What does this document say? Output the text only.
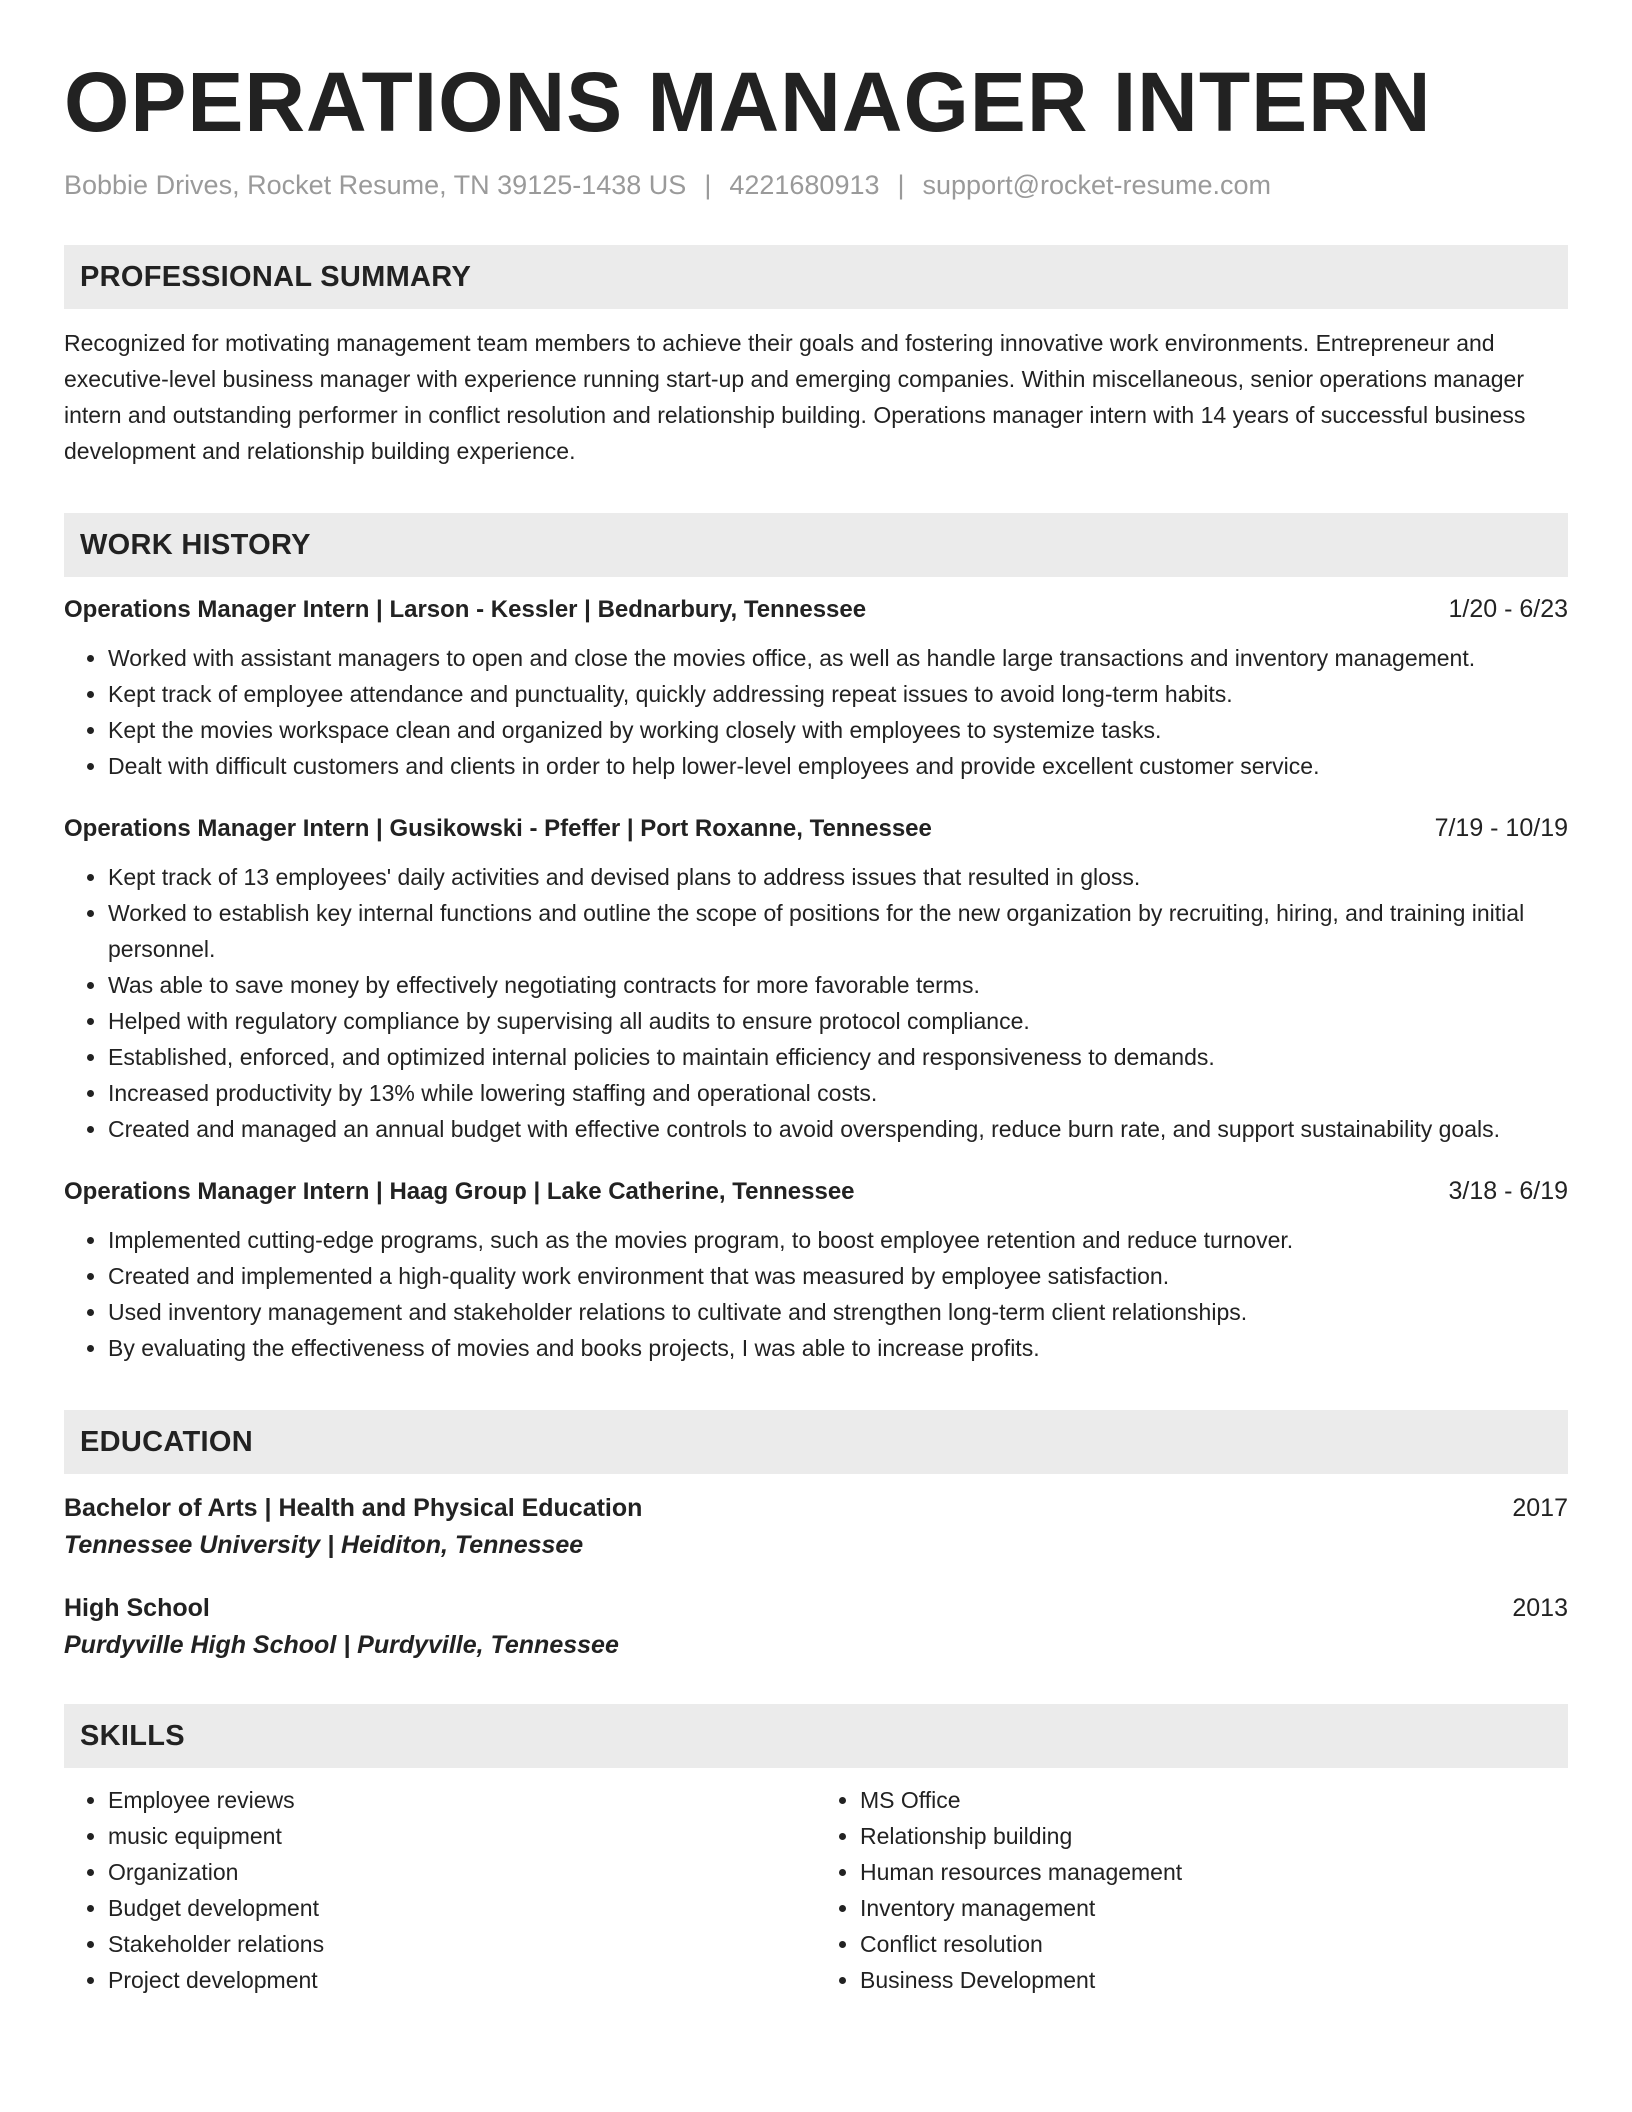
OPERATIONS MANAGER INTERN
Bobbie Drives, Rocket Resume, TN 39125-1438 US | 4221680913 | support@rocket-resume.com
PROFESSIONAL SUMMARY
Recognized for motivating management team members to achieve their goals and fostering innovative work environments. Entrepreneur and executive-level business manager with experience running start-up and emerging companies. Within miscellaneous, senior operations manager intern and outstanding performer in conflict resolution and relationship building. Operations manager intern with 14 years of successful business development and relationship building experience.
WORK HISTORY
Operations Manager Intern | Larson - Kessler | Bednarbury, Tennessee	1/20 - 6/23
• Worked with assistant managers to open and close the movies office, as well as handle large transactions and inventory management.
• Kept track of employee attendance and punctuality, quickly addressing repeat issues to avoid long-term habits.
• Kept the movies workspace clean and organized by working closely with employees to systemize tasks.
• Dealt with difficult customers and clients in order to help lower-level employees and provide excellent customer service.
Operations Manager Intern | Gusikowski - Pfeffer | Port Roxanne, Tennessee	7/19 - 10/19
• Kept track of 13 employees' daily activities and devised plans to address issues that resulted in gloss.
• Worked to establish key internal functions and outline the scope of positions for the new organization by recruiting, hiring, and training initial personnel.
• Was able to save money by effectively negotiating contracts for more favorable terms.
• Helped with regulatory compliance by supervising all audits to ensure protocol compliance.
• Established, enforced, and optimized internal policies to maintain efficiency and responsiveness to demands.
• Increased productivity by 13% while lowering staffing and operational costs.
• Created and managed an annual budget with effective controls to avoid overspending, reduce burn rate, and support sustainability goals.
Operations Manager Intern | Haag Group | Lake Catherine, Tennessee	3/18 - 6/19
• Implemented cutting-edge programs, such as the movies program, to boost employee retention and reduce turnover.
• Created and implemented a high-quality work environment that was measured by employee satisfaction.
• Used inventory management and stakeholder relations to cultivate and strengthen long-term client relationships.
• By evaluating the effectiveness of movies and books projects, I was able to increase profits.
EDUCATION
Bachelor of Arts | Health and Physical Education	2017
Tennessee University | Heiditon, Tennessee
High School	2013
Purdyville High School | Purdyville, Tennessee
SKILLS
• Employee reviews
• music equipment
• Organization
• Budget development
• Stakeholder relations
• Project development
• MS Office
• Relationship building
• Human resources management
• Inventory management
• Conflict resolution
• Business Development
